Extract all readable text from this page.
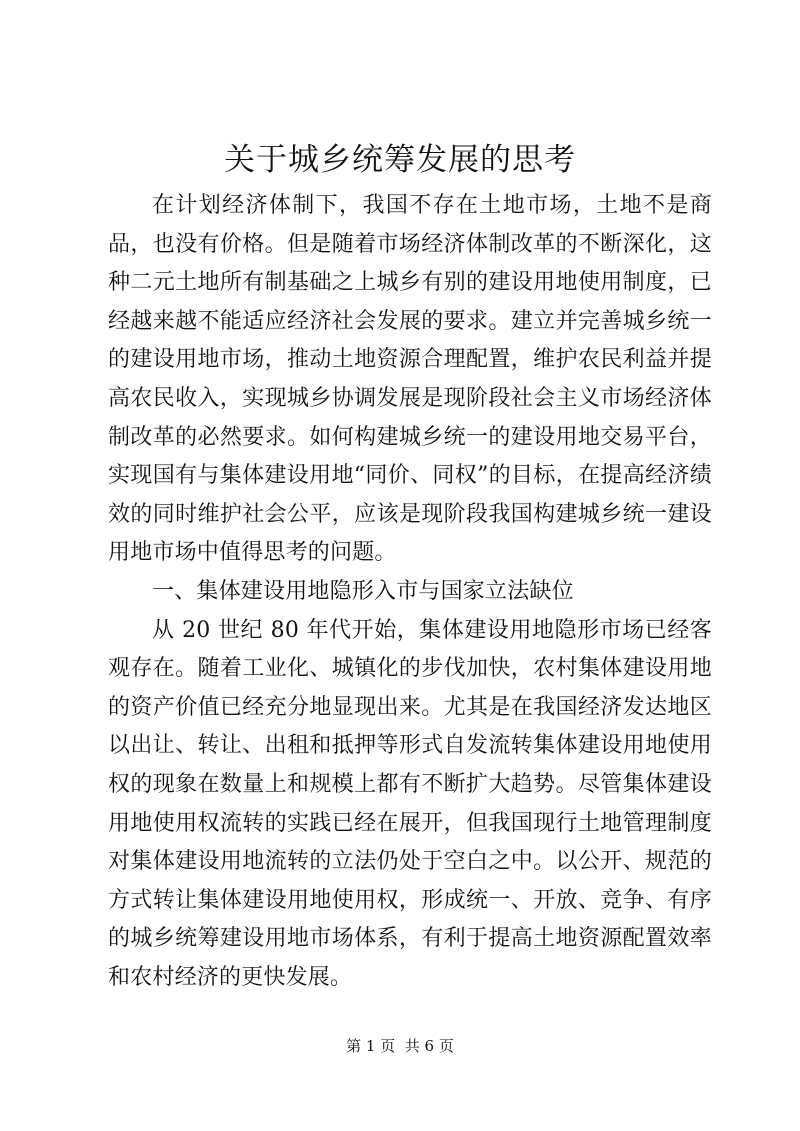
关于城乡统筹发展的思考

在计划经济体制下，我国不存在土地市场，土地不是商品，也没有价格。但是随着市场经济体制改革的不断深化，这种二元土地所有制基础之上城乡有别的建设用地使用制度，已经越来越不能适应经济社会发展的要求。建立并完善城乡统一的建设用地市场，推动土地资源合理配置，维护农民利益并提高农民收入，实现城乡协调发展是现阶段社会主义市场经济体制改革的必然要求。如何构建城乡统一的建设用地交易平台，实现国有与集体建设用地“同价、同权”的目标，在提高经济绩效的同时维护社会公平，应该是现阶段我国构建城乡统一建设用地市场中值得思考的问题。

一、集体建设用地隐形入市与国家立法缺位

从 20 世纪 80 年代开始，集体建设用地隐形市场已经客观存在。随着工业化、城镇化的步伐加快，农村集体建设用地的资产价值已经充分地显现出来。尤其是在我国经济发达地区以出让、转让、出租和抵押等形式自发流转集体建设用地使用权的现象在数量上和规模上都有不断扩大趋势。尽管集体建设用地使用权流转的实践已经在展开，但我国现行土地管理制度对集体建设用地流转的立法仍处于空白之中。以公开、规范的方式转让集体建设用地使用权，形成统一、开放、竞争、有序的城乡统筹建设用地市场体系，有利于提高土地资源配置效率和农村经济的更快发展。

第 1 页  共 6 页
